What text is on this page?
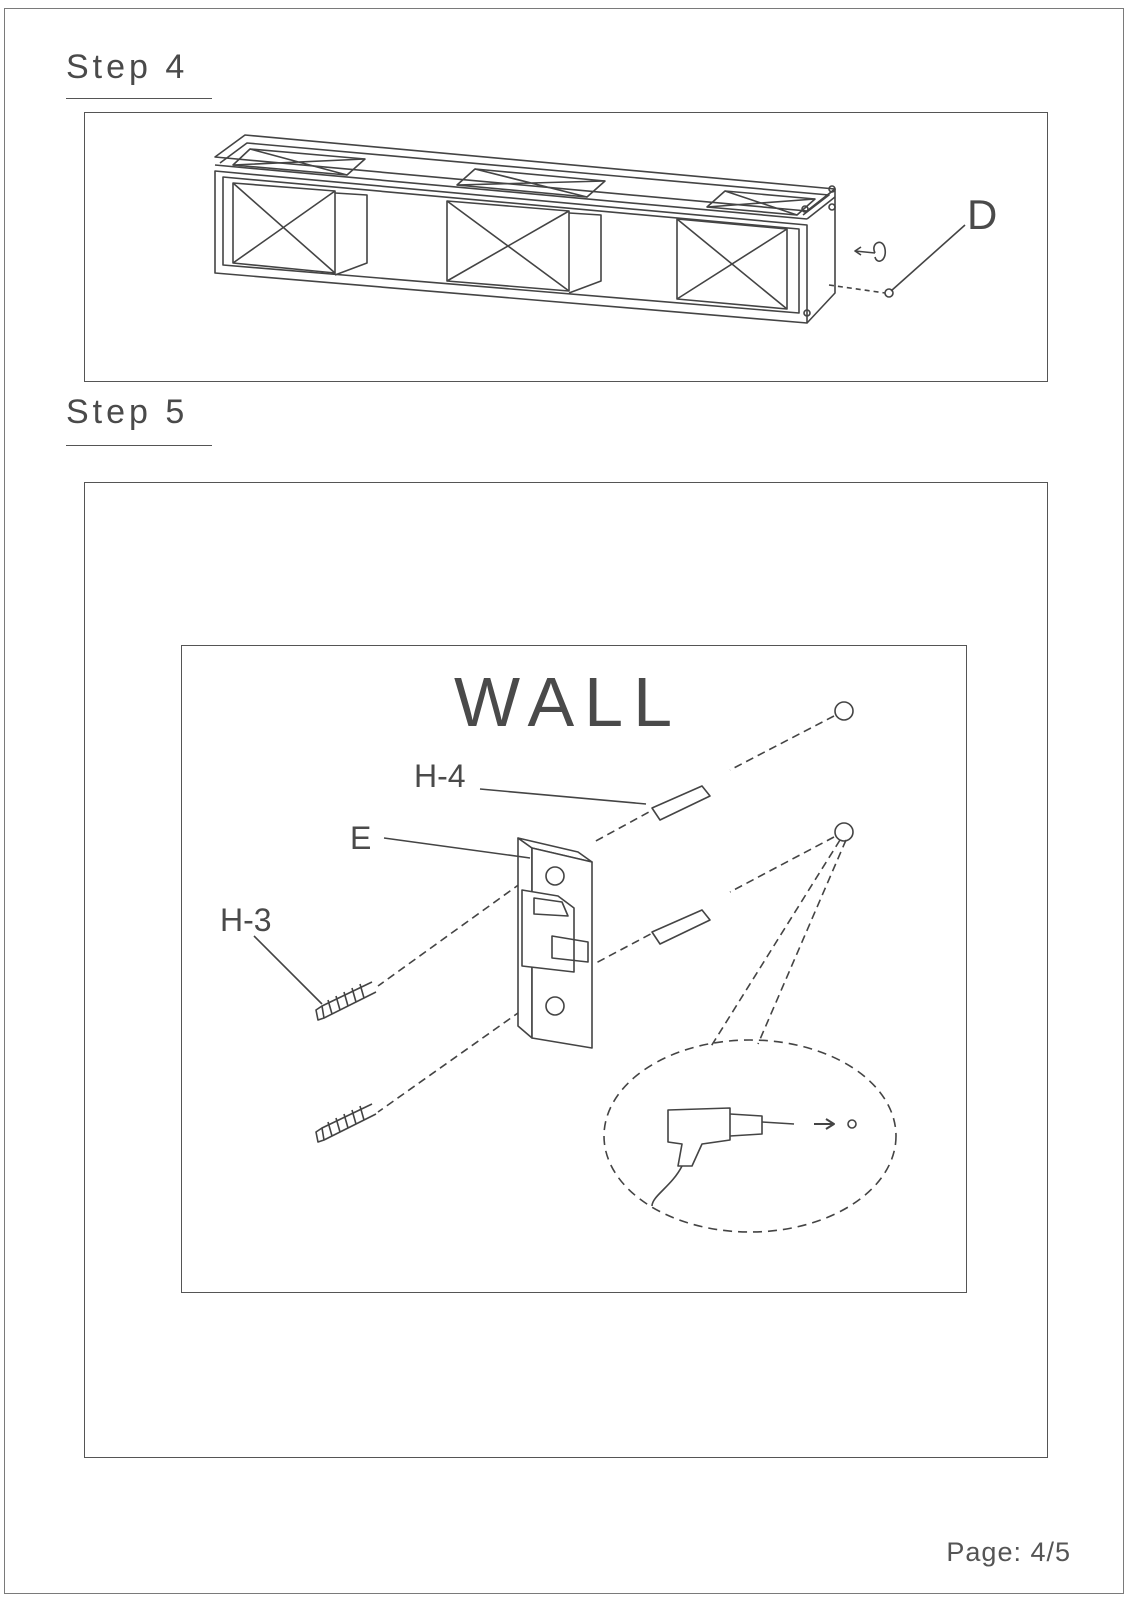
Step 4
D
Step 5
WALL
H-4
E
H-3
Page: 4/5
